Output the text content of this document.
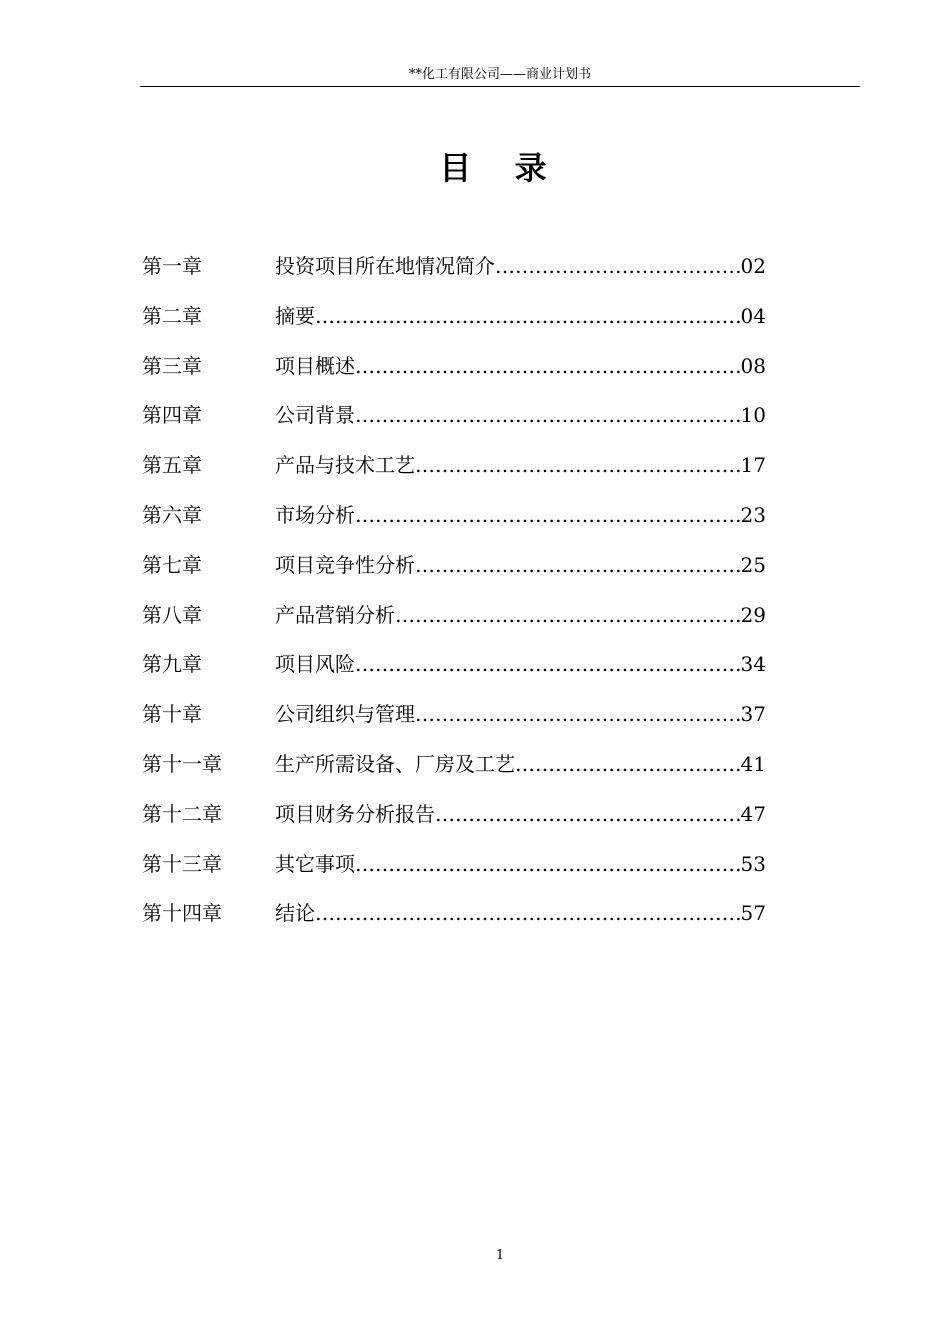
**化工有限公司——商业计划书
目 录
第一章	投资项目所在地情况简介 ………………………………………………………………………………………………………………………………………………	02
第二章	摘要 ………………………………………………………………………………………………………………………………………………	04
第三章	项目概述 ………………………………………………………………………………………………………………………………………………	08
第四章	公司背景 ………………………………………………………………………………………………………………………………………………	10
第五章	产品与技术工艺 ………………………………………………………………………………………………………………………………………………	17
第六章	市场分析 ………………………………………………………………………………………………………………………………………………	23
第七章	项目竞争性分析 ………………………………………………………………………………………………………………………………………………	25
第八章	产品营销分析 ………………………………………………………………………………………………………………………………………………	29
第九章	项目风险 ………………………………………………………………………………………………………………………………………………	34
第十章	公司组织与管理 ………………………………………………………………………………………………………………………………………………	37
第十一章	生产所需设备、厂房及工艺 ………………………………………………………………………………………………………………………………………………	41
第十二章	项目财务分析报告 ………………………………………………………………………………………………………………………………………………	47
第十三章	其它事项 ………………………………………………………………………………………………………………………………………………	53
第十四章	结论 ………………………………………………………………………………………………………………………………………………	57
1
